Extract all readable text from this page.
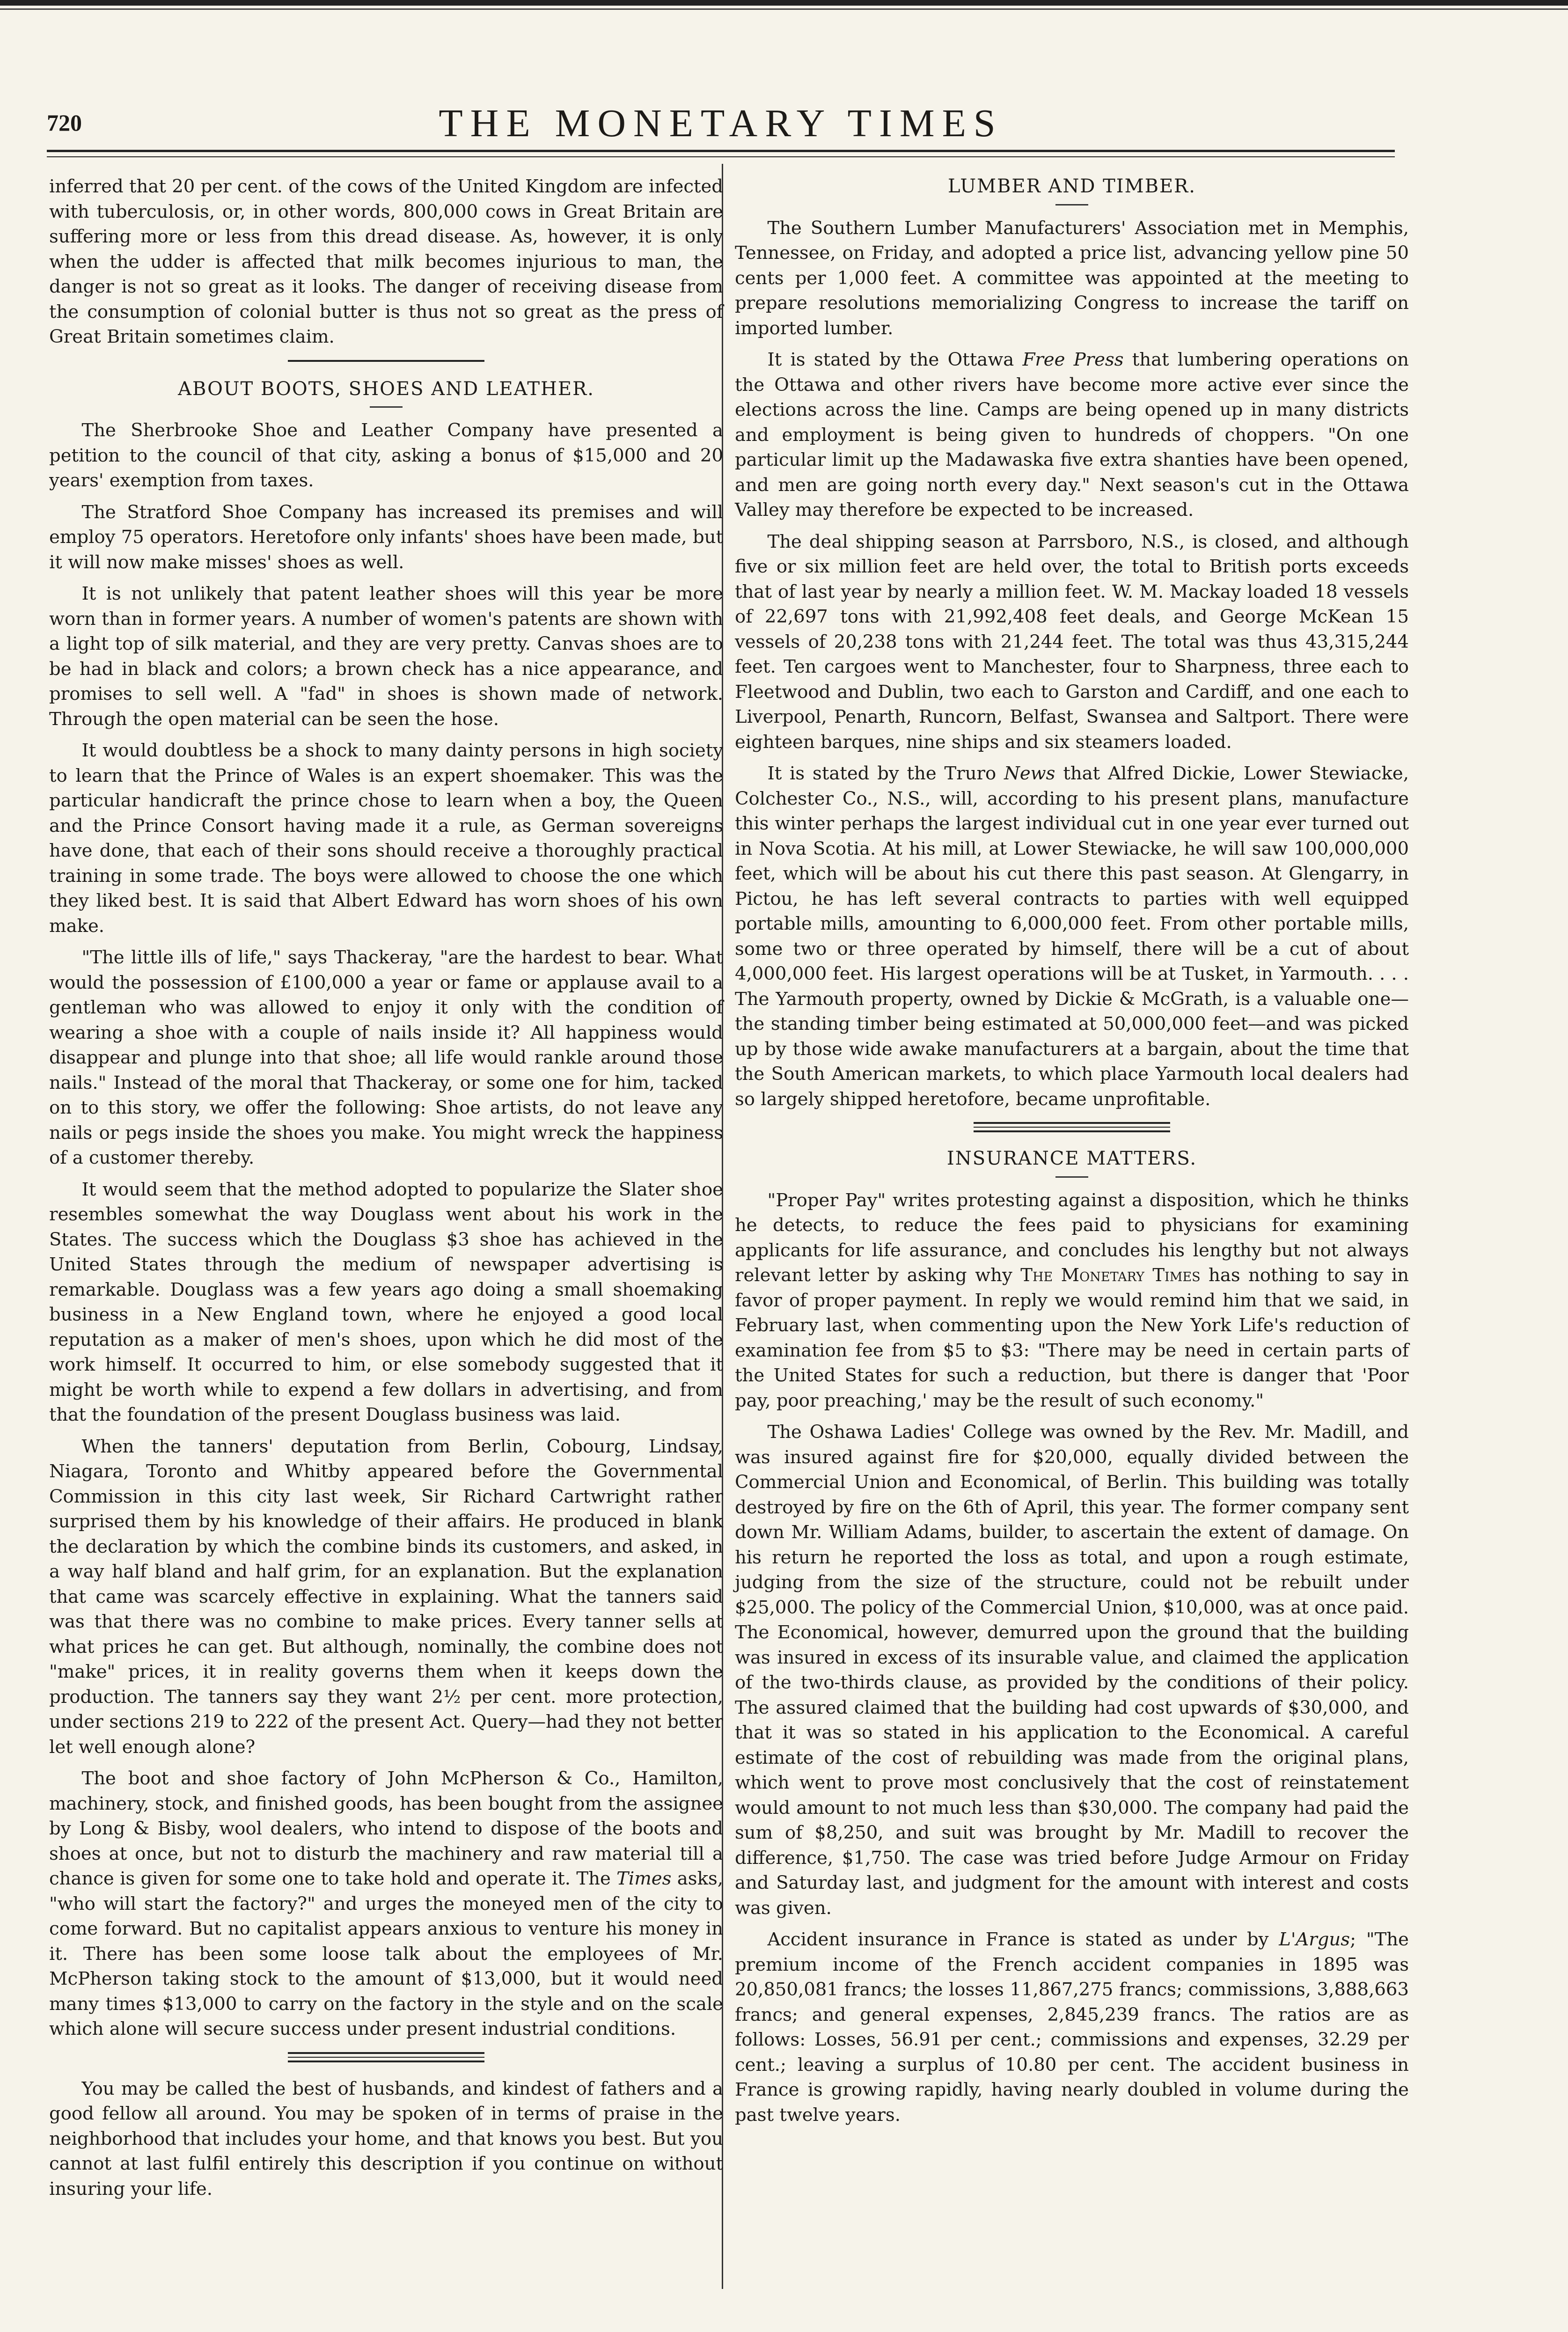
THE MONETARY TIMES
720

inferred that 20 per cent. of the cows of the United Kingdom are infected with tuberculosis, or, in other words, 800,000 cows in Great Britain are suffering more or less from this dread disease. As, however, it is only when the udder is affected that milk becomes injurious to man, the danger is not so great as it looks. The danger of receiving disease from the consumption of colonial butter is thus not so great as the press of Great Britain sometimes claim.

ABOUT BOOTS, SHOES AND LEATHER.

The Sherbrooke Shoe and Leather Company have presented a petition to the council of that city, asking a bonus of $15,000 and 20 years' exemption from taxes.

The Stratford Shoe Company has increased its premises and will employ 75 operators. Heretofore only infants' shoes have been made, but it will now make misses' shoes as well.

It is not unlikely that patent leather shoes will this year be more worn than in former years. A number of women's patents are shown with a light top of silk material, and they are very pretty. Canvas shoes are to be had in black and colors; a brown check has a nice appearance, and promises to sell well. A "fad" in shoes is shown made of network. Through the open material can be seen the hose.

It would doubtless be a shock to many dainty persons in high society to learn that the Prince of Wales is an expert shoemaker. This was the particular handicraft the prince chose to learn when a boy, the Queen and the Prince Consort having made it a rule, as German sovereigns have done, that each of their sons should receive a thoroughly practical training in some trade. The boys were allowed to choose the one which they liked best. It is said that Albert Edward has worn shoes of his own make.

"The little ills of life," says Thackeray, "are the hardest to bear. What would the possession of £100,000 a year or fame or applause avail to a gentleman who was allowed to enjoy it only with the condition of wearing a shoe with a couple of nails inside it? All happiness would disappear and plunge into that shoe; all life would rankle around those nails." Instead of the moral that Thackeray, or some one for him, tacked on to this story, we offer the following: Shoe artists, do not leave any nails or pegs inside the shoes you make. You might wreck the happiness of a customer thereby.

It would seem that the method adopted to popularize the Slater shoe resembles somewhat the way Douglass went about his work in the States. The success which the Douglass $3 shoe has achieved in the United States through the medium of newspaper advertising is remarkable. Douglass was a few years ago doing a small shoemaking business in a New England town, where he enjoyed a good local reputation as a maker of men's shoes, upon which he did most of the work himself. It occurred to him, or else somebody suggested that it might be worth while to expend a few dollars in advertising, and from that the foundation of the present Douglass business was laid.

When the tanners' deputation from Berlin, Cobourg, Lindsay, Niagara, Toronto and Whitby appeared before the Governmental Commission in this city last week, Sir Richard Cartwright rather surprised them by his knowledge of their affairs. He produced in blank the declaration by which the combine binds its customers, and asked, in a way half bland and half grim, for an explanation. But the explanation that came was scarcely effective in explaining. What the tanners said was that there was no combine to make prices. Every tanner sells at what prices he can get. But although, nominally, the combine does not "make" prices, it in reality governs them when it keeps down the production. The tanners say they want 2½ per cent. more protection, under sections 219 to 222 of the present Act. Query—had they not better let well enough alone?

The boot and shoe factory of John McPherson & Co., Hamilton, machinery, stock, and finished goods, has been bought from the assignee by Long & Bisby, wool dealers, who intend to dispose of the boots and shoes at once, but not to disturb the machinery and raw material till a chance is given for some one to take hold and operate it. The Times asks, "who will start the factory?" and urges the moneyed men of the city to come forward. But no capitalist appears anxious to venture his money in it. There has been some loose talk about the employees of Mr. McPherson taking stock to the amount of $13,000, but it would need many times $13,000 to carry on the factory in the style and on the scale which alone will secure success under present industrial conditions.

You may be called the best of husbands, and kindest of fathers and a good fellow all around. You may be spoken of in terms of praise in the neighborhood that includes your home, and that knows you best. But you cannot at last fulfil entirely this description if you continue on without insuring your life.

LUMBER AND TIMBER.

The Southern Lumber Manufacturers' Association met in Memphis, Tennessee, on Friday, and adopted a price list, advancing yellow pine 50 cents per 1,000 feet. A committee was appointed at the meeting to prepare resolutions memorializing Congress to increase the tariff on imported lumber.

It is stated by the Ottawa Free Press that lumbering operations on the Ottawa and other rivers have become more active ever since the elections across the line. Camps are being opened up in many districts and employment is being given to hundreds of choppers. "On one particular limit up the Madawaska five extra shanties have been opened, and men are going north every day." Next season's cut in the Ottawa Valley may therefore be expected to be increased.

The deal shipping season at Parrsboro, N.S., is closed, and although five or six million feet are held over, the total to British ports exceeds that of last year by nearly a million feet. W. M. Mackay loaded 18 vessels of 22,697 tons with 21,992,408 feet deals, and George McKean 15 vessels of 20,238 tons with 21,244 feet. The total was thus 43,315,244 feet. Ten cargoes went to Manchester, four to Sharpness, three each to Fleetwood and Dublin, two each to Garston and Cardiff, and one each to Liverpool, Penarth, Runcorn, Belfast, Swansea and Saltport. There were eighteen barques, nine ships and six steamers loaded.

It is stated by the Truro News that Alfred Dickie, Lower Stewiacke, Colchester Co., N.S., will, according to his present plans, manufacture this winter perhaps the largest individual cut in one year ever turned out in Nova Scotia. At his mill, at Lower Stewiacke, he will saw 100,000,000 feet, which will be about his cut there this past season. At Glengarry, in Pictou, he has left several contracts to parties with well equipped portable mills, amounting to 6,000,000 feet. From other portable mills, some two or three operated by himself, there will be a cut of about 4,000,000 feet. His largest operations will be at Tusket, in Yarmouth. . . . The Yarmouth property, owned by Dickie & McGrath, is a valuable one—the standing timber being estimated at 50,000,000 feet—and was picked up by those wide awake manufacturers at a bargain, about the time that the South American markets, to which place Yarmouth local dealers had so largely shipped heretofore, became unprofitable.

INSURANCE MATTERS.

"Proper Pay" writes protesting against a disposition, which he thinks he detects, to reduce the fees paid to physicians for examining applicants for life assurance, and concludes his lengthy but not always relevant letter by asking why The Monetary Times has nothing to say in favor of proper payment. In reply we would remind him that we said, in February last, when commenting upon the New York Life's reduction of examination fee from $5 to $3: "There may be need in certain parts of the United States for such a reduction, but there is danger that 'Poor pay, poor preaching,' may be the result of such economy."

The Oshawa Ladies' College was owned by the Rev. Mr. Madill, and was insured against fire for $20,000, equally divided between the Commercial Union and Economical, of Berlin. This building was totally destroyed by fire on the 6th of April, this year. The former company sent down Mr. William Adams, builder, to ascertain the extent of damage. On his return he reported the loss as total, and upon a rough estimate, judging from the size of the structure, could not be rebuilt under $25,000. The policy of the Commercial Union, $10,000, was at once paid. The Economical, however, demurred upon the ground that the building was insured in excess of its insurable value, and claimed the application of the two-thirds clause, as provided by the conditions of their policy. The assured claimed that the building had cost upwards of $30,000, and that it was so stated in his application to the Economical. A careful estimate of the cost of rebuilding was made from the original plans, which went to prove most conclusively that the cost of reinstatement would amount to not much less than $30,000. The company had paid the sum of $8,250, and suit was brought by Mr. Madill to recover the difference, $1,750. The case was tried before Judge Armour on Friday and Saturday last, and judgment for the amount with interest and costs was given.

Accident insurance in France is stated as under by L'Argus; "The premium income of the French accident companies in 1895 was 20,850,081 francs; the losses 11,867,275 francs; commissions, 3,888,663 francs; and general expenses, 2,845,239 francs. The ratios are as follows: Losses, 56.91 per cent.; commissions and expenses, 32.29 per cent.; leaving a surplus of 10.80 per cent. The accident business in France is growing rapidly, having nearly doubled in volume during the past twelve years.
